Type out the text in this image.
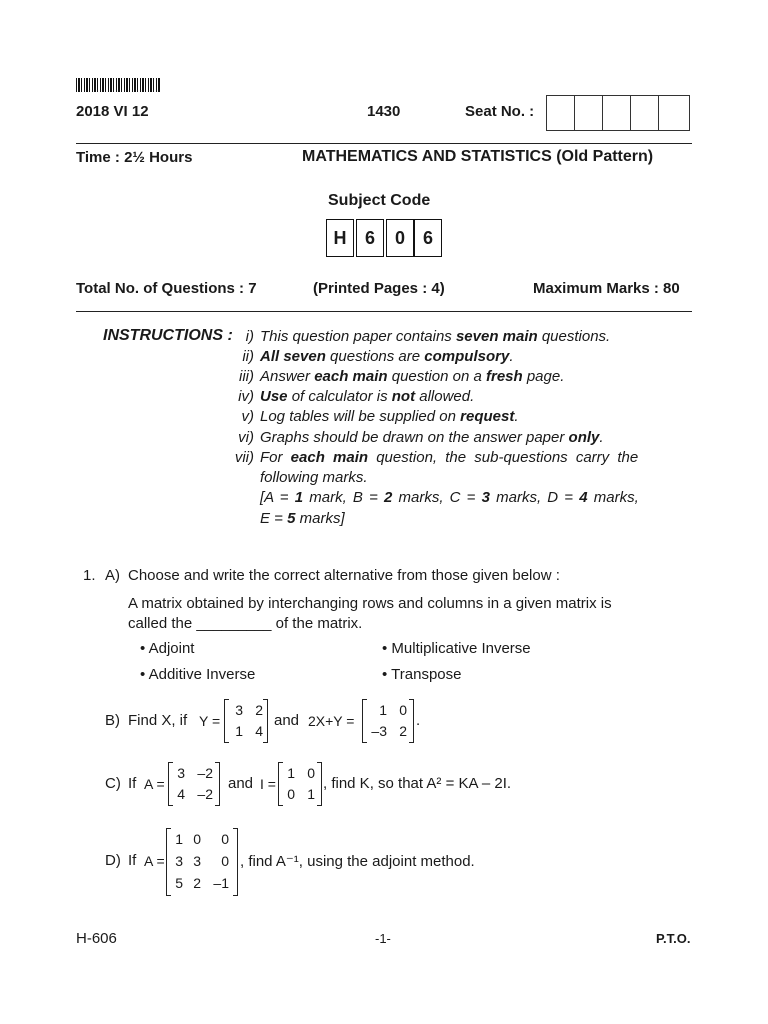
2018 VI 12	1430	Seat No. :
Time : 2½ Hours	MATHEMATICS AND STATISTICS (Old Pattern)
Subject Code
H	6	0 6
Total No. of Questions : 7	(Printed Pages : 4)	Maximum Marks : 80
INSTRUCTIONS : i) This question paper contains seven main questions.
ii) All seven questions are compulsory.
iii) Answer each main question on a fresh page.
iv) Use of calculator is not allowed.
v) Log tables will be supplied on request.
vi) Graphs should be drawn on the answer paper only.
vii) For each main question, the sub-questions carry the
following marks.
[A = 1 mark, B = 2 marks, C = 3 marks, D = 4 marks,
E = 5 marks]
1. A) Choose and write the correct alternative from those given below :
A matrix obtained by interchanging rows and columns in a given matrix is
called the _________ of the matrix.
• Adjoint	• Multiplicative Inverse
• Additive Inverse	• Transpose
B) Find X, if Y =
3 2
1 4
and 2X+Y =
1 0
–3 2
.
C) If A =
3 –2
4 –2
and I =
1 0
0 1
, find K, so that A² = KA – 2I.
D) If A =
1 0	0
3 3	0
5 2 –1
, find A⁻¹, using the adjoint method.
H-606	-1-	P.T.O.
